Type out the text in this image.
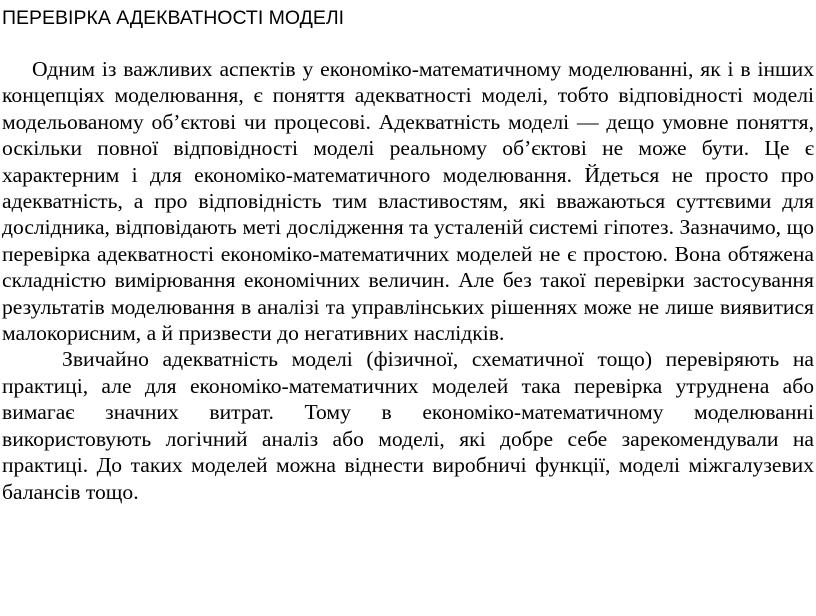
ПЕРЕВІРКА АДЕКВАТНОСТІ МОДЕЛІ

Одним із важливих аспектів у економіко-математичному моделюванні, як і в інших концепціях моделювання, є поняття адекватності моделі, тобто відповідності моделі модельованому об’єктові чи процесові. Адекватність моделі — дещо умовне поняття, оскільки повної відповідності моделі реальному об’єктові не може бути. Це є характерним і для економіко-математичного моделювання. Йдеться не просто про адекватність, а про відповідність тим властивостям, які вважаються суттєвими для дослідника, відповідають меті дослідження та усталеній системі гіпотез. Зазначимо, що перевірка адекватності економіко-математичних моделей не є простою. Вона обтяжена складністю вимірювання економічних величин. Але без такої перевірки застосування результатів моделювання в аналізі та управлінських рішеннях може не лише виявитися малокорисним, а й призвести до негативних наслідків.

Звичайно адекватність моделі (фізичної, схематичної тощо) перевіряють на практиці, але для економіко-математичних моделей така перевірка утруднена або вимагає значних витрат. Тому в економіко-математичному моделюванні використовують логічний аналіз або моделі, які добре себе зарекомендували на практиці. До таких моделей можна віднести виробничі функції, моделі міжгалузевих балансів тощо.
